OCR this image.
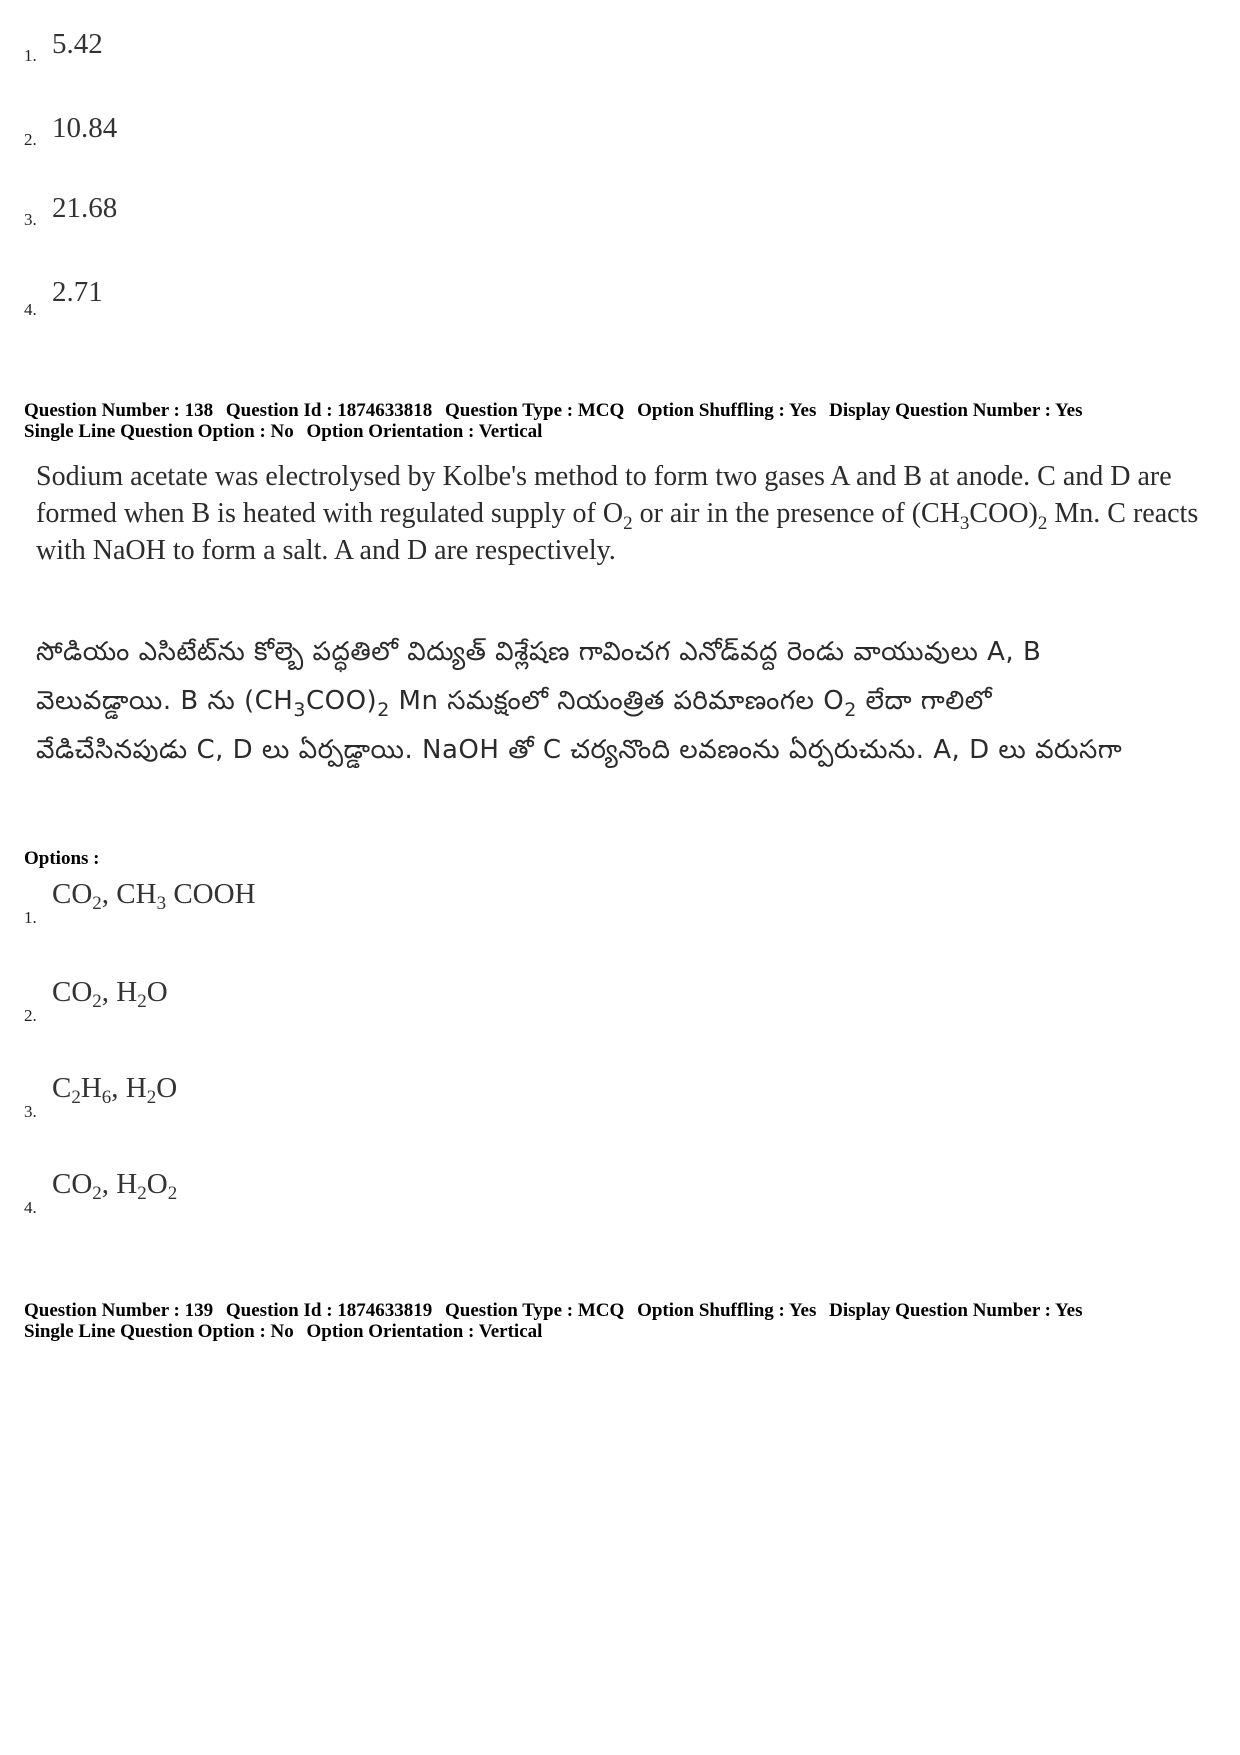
1. 5.42
2. 10.84
3. 21.68
4.
2.71
Question Number : 138 Question Id : 1874633818 Question Type : MCQ Option Shuffling : Yes Display Question Number : Yes
Single Line Question Option : No Option Orientation : Vertical

Sodium acetate was electrolysed by Kolbe's method to form two gases A and B at anode. C and D are formed when B is heated with regulated supply of $O_2$ or air in the presence of $(CH_3COO)_2$ Mn. C reacts with NaOH to form a salt. A and D are respectively.

సోడియం ఎసిటేట్‌ను కోల్బె పద్ధతిలో విద్యుత్ విశ్లేషణ గావించగ ఎనోడ్‌వద్ద రెండు వాయువులు A, B వెలువడ్డాయి. B ను $(CH_3COO)_2$ Mn సమక్షంలో నియంత్రిత పరిమాణంగల $O_2$ లేదా గాలిలో వేడిచేసినపుడు C, D లు ఏర్పడ్డాయి. NaOH తో C చర్యనొంది లవణంను ఏర్పరుచును. A, D లు వరుసగా

Options :
1.
$CO_2$, $CH_3$ COOH
2.
$CO_2$, $H_2O$
3.
$C_2H_6$, $H_2O$
4.
$CO_2$, $H_2O_2$
Question Number : 139 Question Id : 1874633819 Question Type : MCQ Option Shuffling : Yes Display Question Number : Yes
Single Line Question Option : No Option Orientation : Vertical
